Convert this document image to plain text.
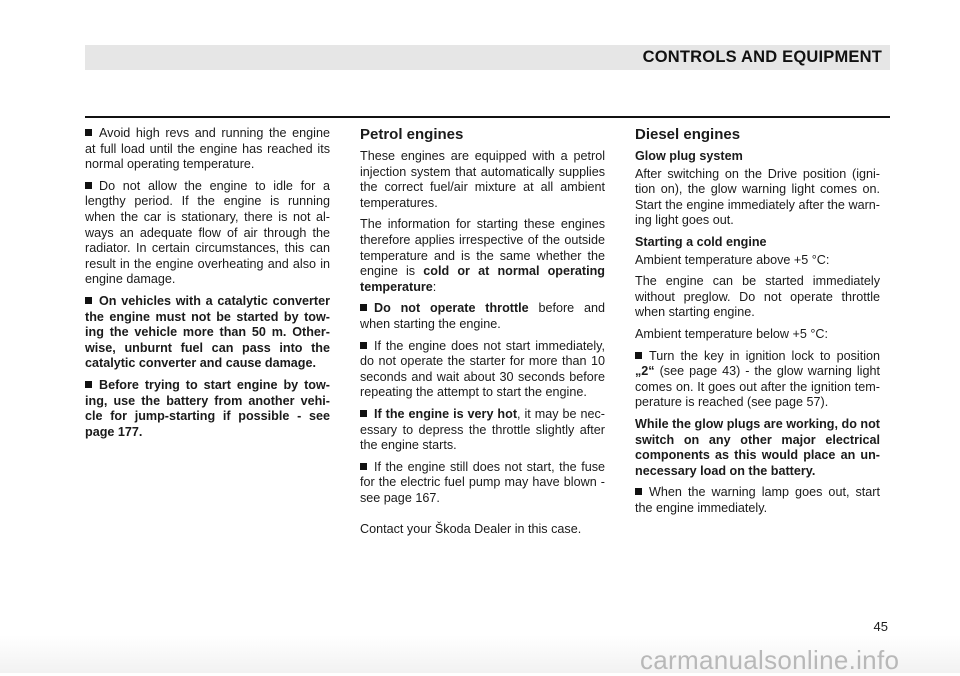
CONTROLS AND EQUIPMENT

Avoid high revs and running the engine at full load until the engine has reached its normal operating temperature.

Do not allow the engine to idle for a lengthy period. If the engine is running when the car is stationary, there is not al-ways an adequate flow of air through the radiator. In certain circumstances, this can result in the engine overheating and also in engine damage.

On vehicles with a catalytic converter the engine must not be started by tow-ing the vehicle more than 50 m. Other-wise, unburnt fuel can pass into the catalytic converter and cause damage.

Before trying to start engine by tow-ing, use the battery from another vehi-cle for jump-starting if possible - see page 177.

Petrol engines

These engines are equipped with a petrol injection system that automatically supplies the correct fuel/air mixture at all ambient temperatures.

The information for starting these engines therefore applies irrespective of the outside temperature and is the same whether the engine is cold or at normal operating temperature:

Do not operate throttle before and when starting the engine.

If the engine does not start immediately, do not operate the starter for more than 10 seconds and wait about 30 seconds before repeating the attempt to start the engine.

If the engine is very hot, it may be nec-essary to depress the throttle slightly after the engine starts.

If the engine still does not start, the fuse for the electric fuel pump may have blown - see page 167.

Contact your Škoda Dealer in this case.

Diesel engines
Glow plug system

After switching on the Drive position (igni-tion on), the glow warning light comes on. Start the engine immediately after the warn-ing light goes out.

Starting a cold engine

Ambient temperature above +5 °C:

The engine can be started immediately without preglow. Do not operate throttle when starting engine.

Ambient temperature below +5 °C:

Turn the key in ignition lock to position „2“ (see page 43) - the glow warning light comes on. It goes out after the ignition tem-perature is reached (see page 57).

While the glow plugs are working, do not switch on any other major electrical components as this would place an un-necessary load on the battery.

When the warning lamp goes out, start the engine immediately.

45
carmanualsonline.info
